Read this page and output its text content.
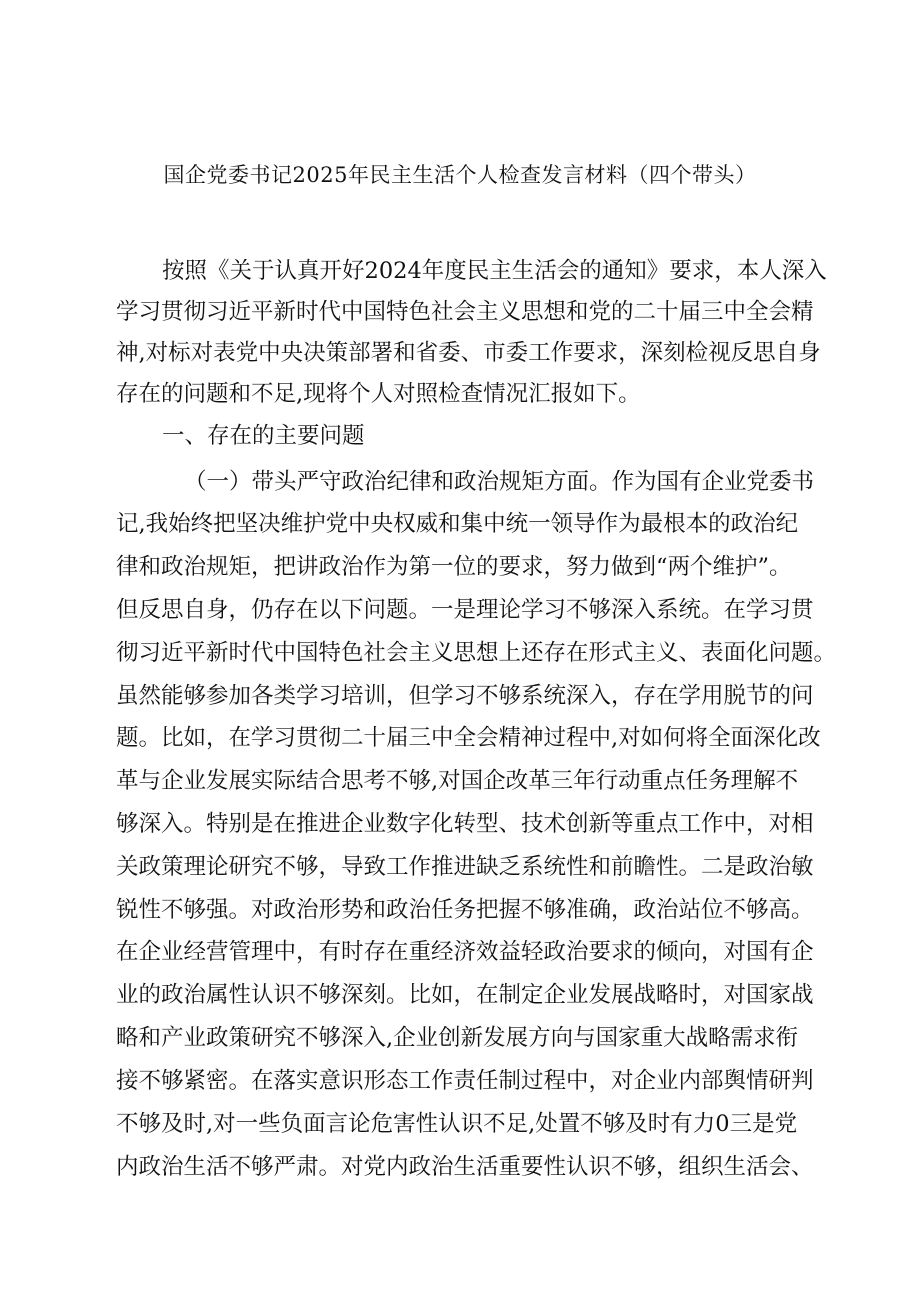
国企党委书记2025年民主生活个人检查发言材料（四个带头）

按照《关于认真开好2024年度民主生活会的通知》要求，本人深入

学习贯彻习近平新时代中国特色社会主义思想和党的二十届三中全会精

神,对标对表党中央决策部署和省委、市委工作要求，深刻检视反思自身

存在的问题和不足,现将个人对照检查情况汇报如下。

一、存在的主要问题

（一）带头严守政治纪律和政治规矩方面。作为国有企业党委书

记,我始终把坚决维护党中央权威和集中统一领导作为最根本的政治纪

律和政治规矩，把讲政治作为第一位的要求，努力做到“两个维护”。

但反思自身，仍存在以下问题。一是理论学习不够深入系统。在学习贯

彻习近平新时代中国特色社会主义思想上还存在形式主义、表面化问题。

虽然能够参加各类学习培训，但学习不够系统深入，存在学用脱节的问

题。比如，在学习贯彻二十届三中全会精神过程中,对如何将全面深化改

革与企业发展实际结合思考不够,对国企改革三年行动重点任务理解不

够深入。特别是在推进企业数字化转型、技术创新等重点工作中，对相

关政策理论研究不够，导致工作推进缺乏系统性和前瞻性。二是政治敏

锐性不够强。对政治形势和政治任务把握不够准确，政治站位不够高。

在企业经营管理中，有时存在重经济效益轻政治要求的倾向，对国有企

业的政治属性认识不够深刻。比如，在制定企业发展战略时，对国家战

略和产业政策研究不够深入,企业创新发展方向与国家重大战略需求衔

接不够紧密。在落实意识形态工作责任制过程中，对企业内部舆情研判

不够及时,对一些负面言论危害性认识不足,处置不够及时有力0三是党

内政治生活不够严肃。对党内政治生活重要性认识不够，组织生活会、
